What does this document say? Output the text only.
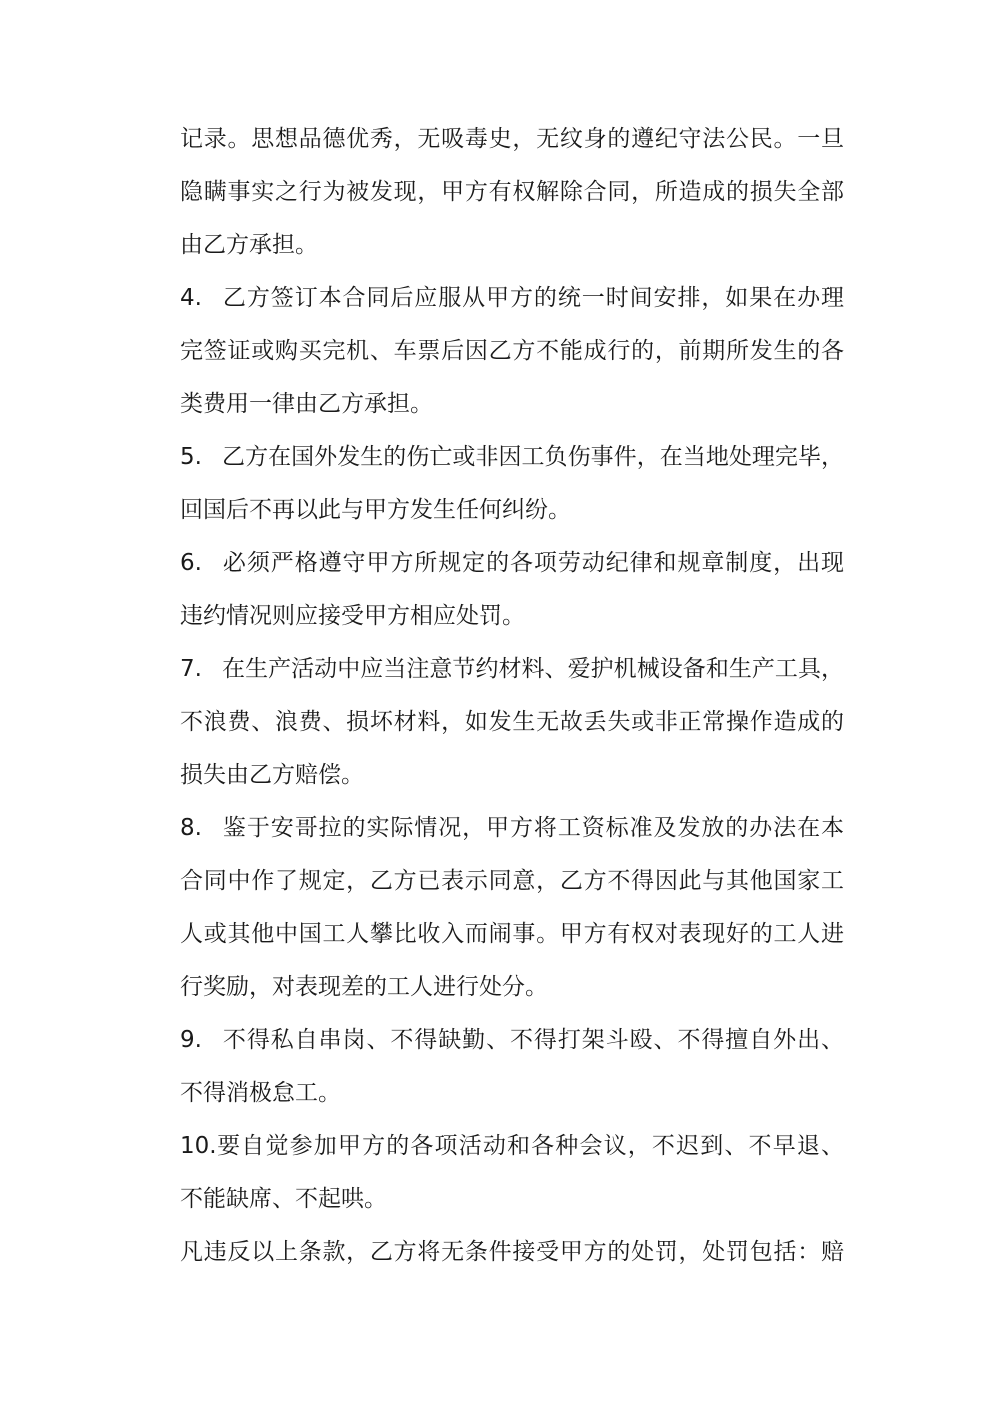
记录。思想品德优秀，无吸毒史，无纹身的遵纪守法公民。一旦

隐瞒事实之行为被发现，甲方有权解除合同，所造成的损失全部

由乙方承担。

4. 乙方签订本合同后应服从甲方的统一时间安排，如果在办理

完签证或购买完机、车票后因乙方不能成行的，前期所发生的各

类费用一律由乙方承担。

5. 乙方在国外发生的伤亡或非因工负伤事件，在当地处理完毕，

回国后不再以此与甲方发生任何纠纷。

6. 必须严格遵守甲方所规定的各项劳动纪律和规章制度，出现

违约情况则应接受甲方相应处罚。

7. 在生产活动中应当注意节约材料、爱护机械设备和生产工具，

不浪费、浪费、损坏材料，如发生无故丢失或非正常操作造成的

损失由乙方赔偿。

8. 鉴于安哥拉的实际情况，甲方将工资标准及发放的办法在本

合同中作了规定，乙方已表示同意，乙方不得因此与其他国家工

人或其他中国工人攀比收入而闹事。甲方有权对表现好的工人进

行奖励，对表现差的工人进行处分。

9. 不得私自串岗、不得缺勤、不得打架斗殴、不得擅自外出、

不得消极怠工。

10.要自觉参加甲方的各项活动和各种会议，不迟到、不早退、

不能缺席、不起哄。

凡违反以上条款，乙方将无条件接受甲方的处罚，处罚包括：赔
